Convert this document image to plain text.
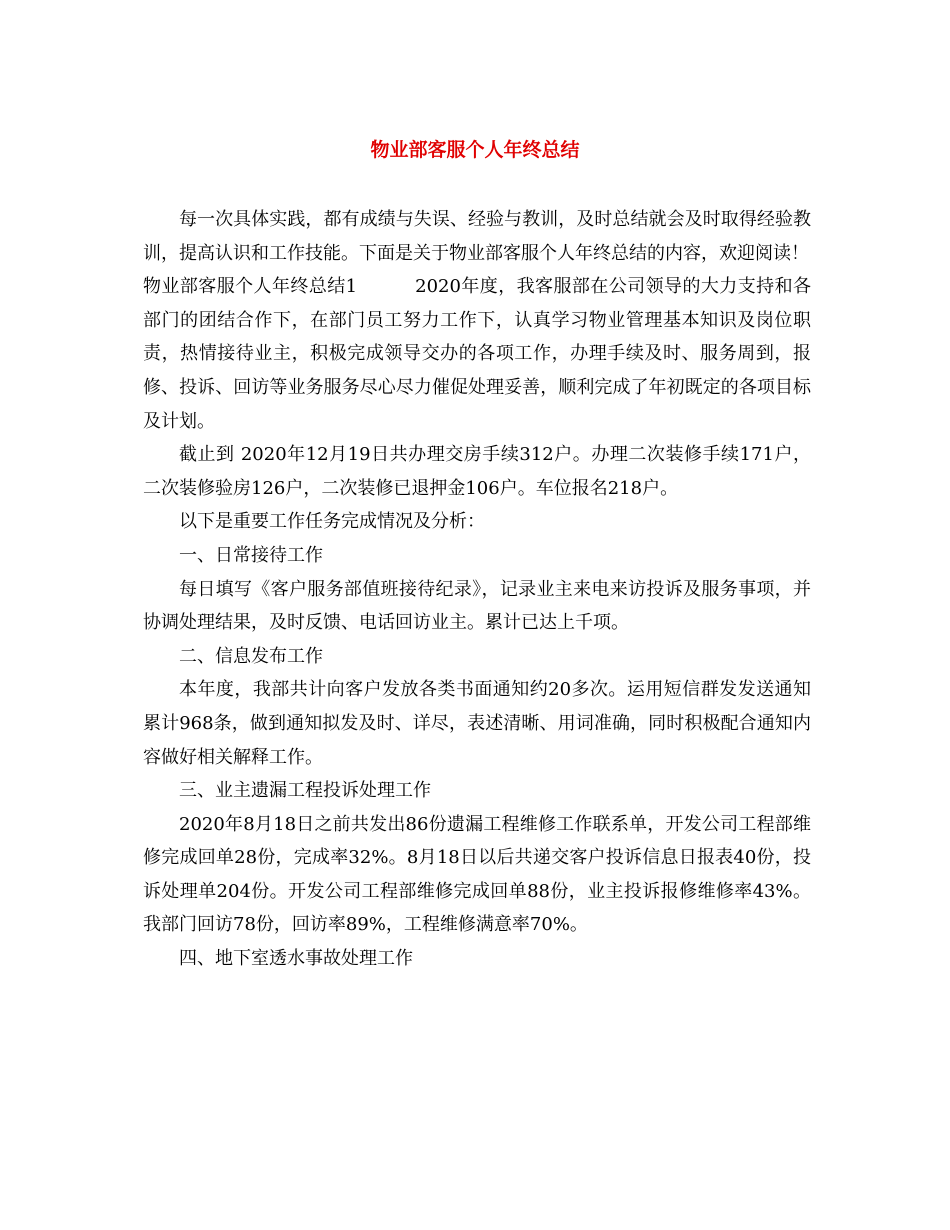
物业部客服个人年终总结

每一次具体实践，都有成绩与失误、经验与教训，及时总结就会及时取得经验教训，提高认识和工作技能。下面是关于物业部客服个人年终总结的内容，欢迎阅读！

物业部客服个人年终总结1	2020年度，我客服部在公司领导的大力支持和各部门的团结合作下，在部门员工努力工作下，认真学习物业管理基本知识及岗位职责，热情接待业主，积极完成领导交办的各项工作，办理手续及时、服务周到，报修、投诉、回访等业务服务尽心尽力催促处理妥善，顺利完成了年初既定的各项目标及计划。

截止到 2020年12月19日共办理交房手续312户。办理二次装修手续171户，二次装修验房126户，二次装修已退押金106户。车位报名218户。

以下是重要工作任务完成情况及分析：

一、日常接待工作

每日填写《客户服务部值班接待纪录》，记录业主来电来访投诉及服务事项，并协调处理结果，及时反馈、电话回访业主。累计已达上千项。

二、信息发布工作

本年度，我部共计向客户发放各类书面通知约20多次。运用短信群发发送通知累计968条，做到通知拟发及时、详尽，表述清晰、用词准确，同时积极配合通知内容做好相关解释工作。

三、业主遗漏工程投诉处理工作

2020年8月18日之前共发出86份遗漏工程维修工作联系单，开发公司工程部维修完成回单28份，完成率32%。8月18日以后共递交客户投诉信息日报表40份，投诉处理单204份。开发公司工程部维修完成回单88份，业主投诉报修维修率43%。我部门回访78份，回访率89%，工程维修满意率70%。

四、地下室透水事故处理工作
